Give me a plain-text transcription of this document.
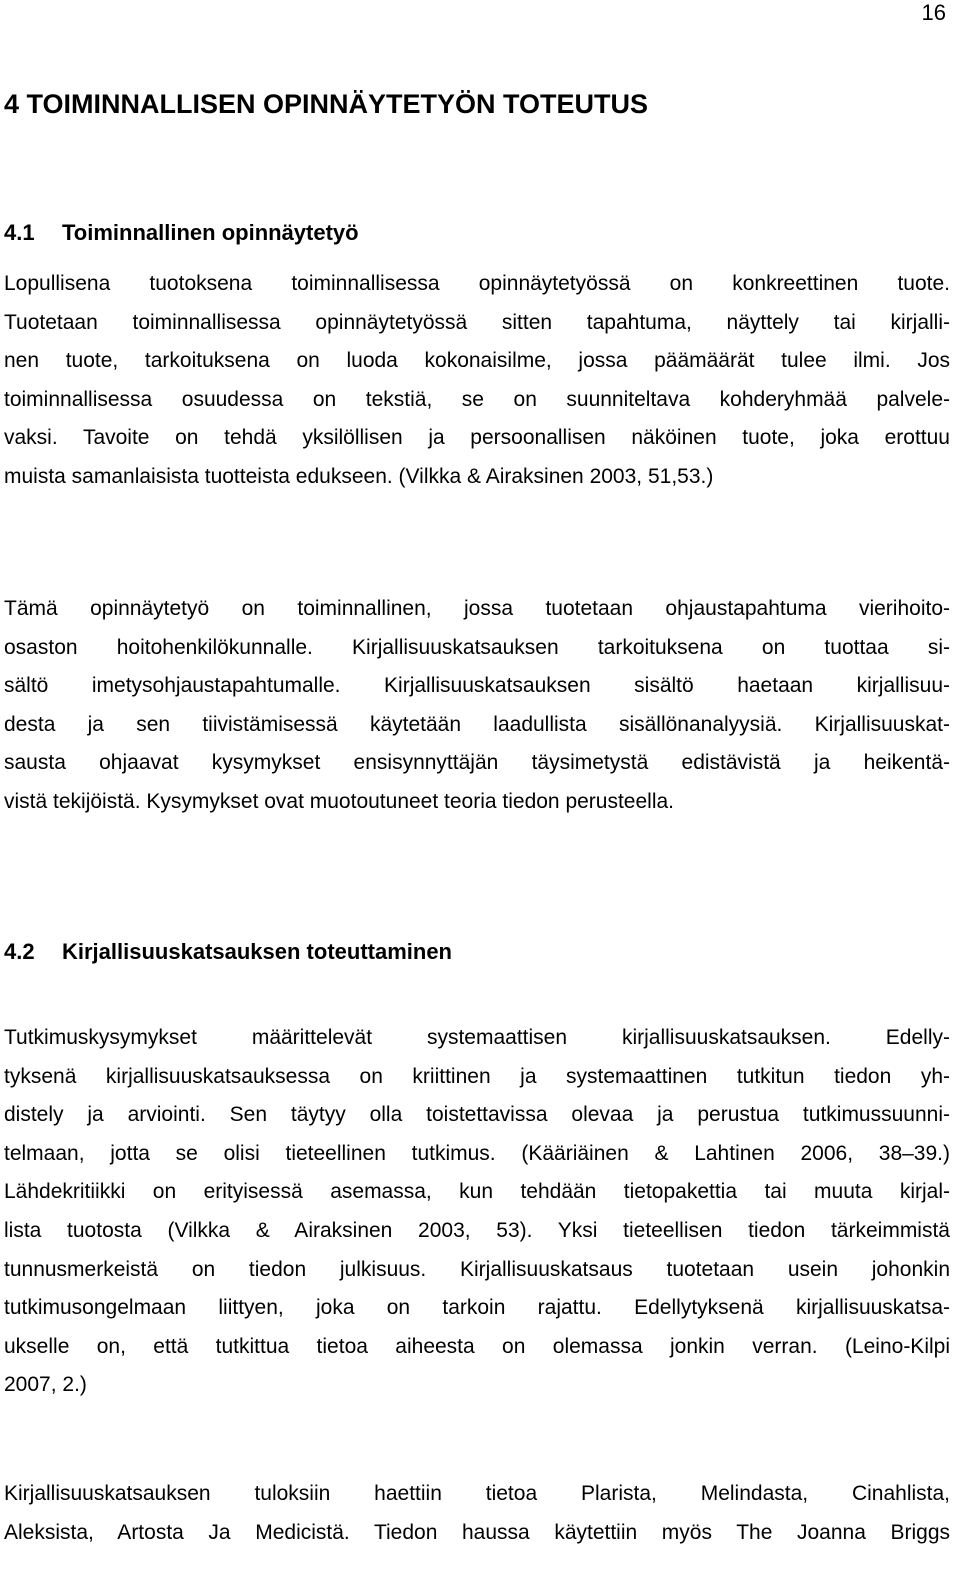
16
4 TOIMINNALLISEN OPINNÄYTETYÖN TOTEUTUS
4.1 Toiminnallinen opinnäytetyö
Lopullisena tuotoksena toiminnallisessa opinnäytetyössä on konkreettinen tuote.
Tuotetaan toiminnallisessa opinnäytetyössä sitten tapahtuma, näyttely tai kirjalli-
nen tuote, tarkoituksena on luoda kokonaisilme, jossa päämäärät tulee ilmi. Jos
toiminnallisessa osuudessa on tekstiä, se on suunniteltava kohderyhmää palvele-
vaksi. Tavoite on tehdä yksilöllisen ja persoonallisen näköinen tuote, joka erottuu
muista samanlaisista tuotteista edukseen. (Vilkka & Airaksinen 2003, 51,53.)
Tämä opinnäytetyö on toiminnallinen, jossa tuotetaan ohjaustapahtuma vierihoito-
osaston hoitohenkilökunnalle. Kirjallisuuskatsauksen tarkoituksena on tuottaa si-
sältö imetysohjaustapahtumalle. Kirjallisuuskatsauksen sisältö haetaan kirjallisuu-
desta ja sen tiivistämisessä käytetään laadullista sisällönanalyysiä. Kirjallisuuskat-
sausta ohjaavat kysymykset ensisynnyttäjän täysimetystä edistävistä ja heikentä-
vistä tekijöistä. Kysymykset ovat muotoutuneet teoria tiedon perusteella.
4.2 Kirjallisuuskatsauksen toteuttaminen
Tutkimuskysymykset määrittelevät systemaattisen kirjallisuuskatsauksen. Edelly-
tyksenä kirjallisuuskatsauksessa on kriittinen ja systemaattinen tutkitun tiedon yh-
distely ja arviointi. Sen täytyy olla toistettavissa olevaa ja perustua tutkimussuunni-
telmaan, jotta se olisi tieteellinen tutkimus. (Kääriäinen & Lahtinen 2006, 38–39.)
Lähdekritiikki on erityisessä asemassa, kun tehdään tietopakettia tai muuta kirjal-
lista tuotosta (Vilkka & Airaksinen 2003, 53). Yksi tieteellisen tiedon tärkeimmistä
tunnusmerkeistä on tiedon julkisuus. Kirjallisuuskatsaus tuotetaan usein johonkin
tutkimusongelmaan liittyen, joka on tarkoin rajattu. Edellytyksenä kirjallisuuskatsa-
ukselle on, että tutkittua tietoa aiheesta on olemassa jonkin verran. (Leino-Kilpi
2007, 2.)
Kirjallisuuskatsauksen tuloksiin haettiin tietoa Plarista, Melindasta, Cinahlista,
Aleksista, Artosta Ja Medicistä. Tiedon haussa käytettiin myös The Joanna Briggs
